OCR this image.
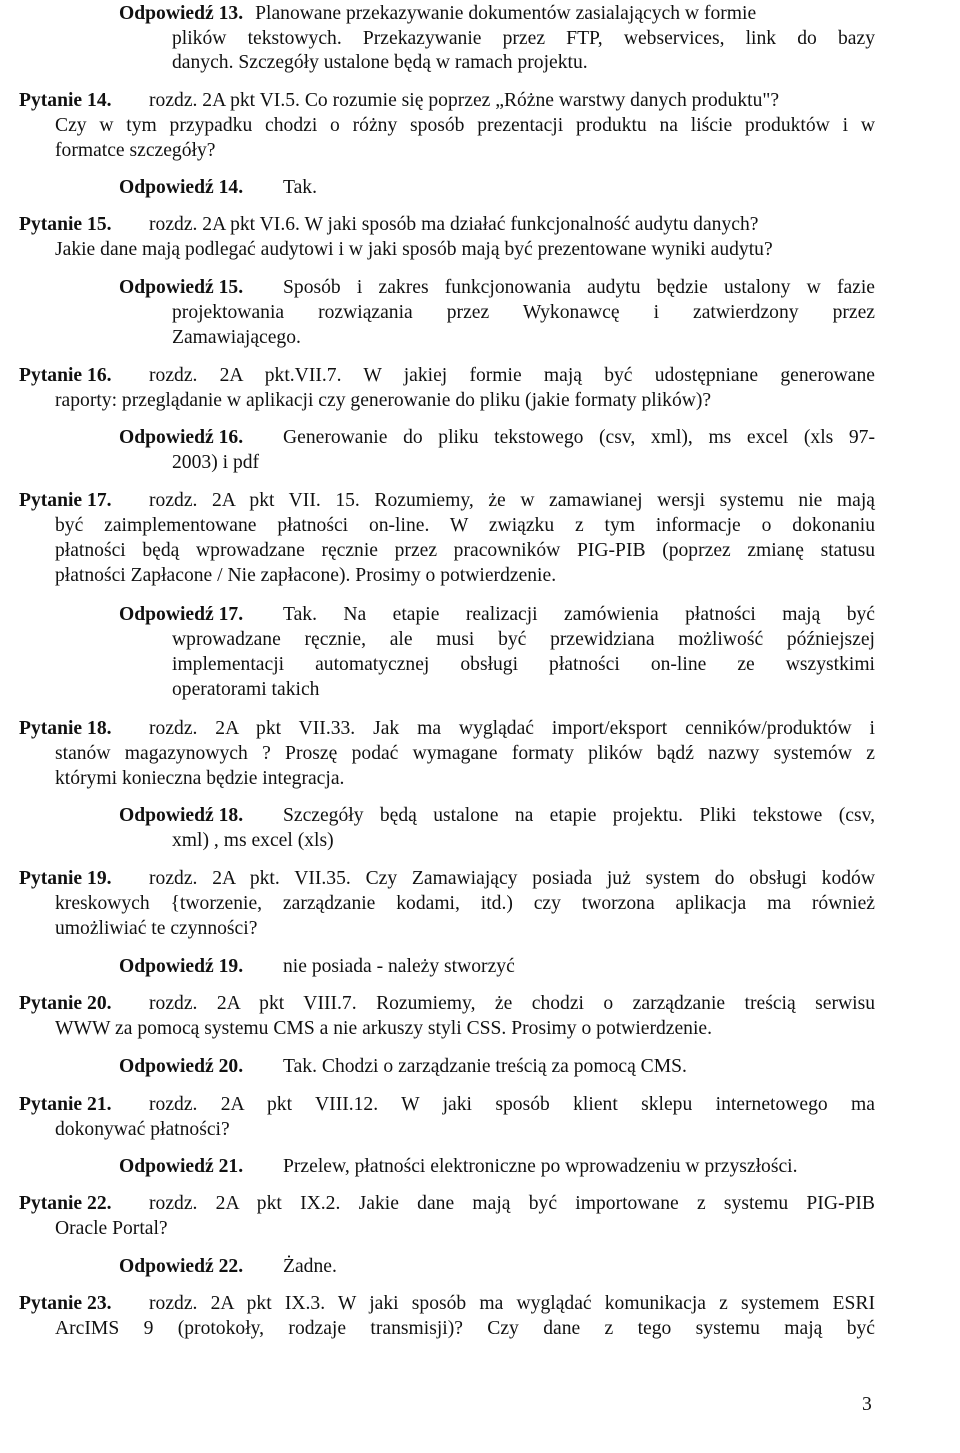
Odpowiedź 13. Planowane przekazywanie dokumentów zasialających w formie
plików tekstowych. Przekazywanie przez FTP, webservices, link do bazy
danych. Szczegóły ustalone będą w ramach projektu.
Pytanie 14. rozdz. 2A pkt VI.5. Co rozumie się poprzez „Różne warstwy danych produktu"?
Czy w tym przypadku chodzi o różny sposób prezentacji produktu na liście produktów i w
formatce szczegóły?
Odpowiedź 14. Tak.
Pytanie 15. rozdz. 2A pkt VI.6. W jaki sposób ma działać funkcjonalność audytu danych?
Jakie dane mają podlegać audytowi i w jaki sposób mają być prezentowane wyniki audytu?
Odpowiedź 15. Sposób i zakres funkcjonowania audytu będzie ustalony w fazie
projektowania rozwiązania przez Wykonawcę i zatwierdzony przez
Zamawiającego.
Pytanie 16. rozdz. 2A pkt.VII.7. W jakiej formie mają być udostępniane generowane
raporty: przeglądanie w aplikacji czy generowanie do pliku (jakie formaty plików)?
Odpowiedź 16. Generowanie do pliku tekstowego (csv, xml), ms excel (xls 97-
2003) i pdf
Pytanie 17. rozdz. 2A pkt VII. 15. Rozumiemy, że w zamawianej wersji systemu nie mają
być zaimplementowane płatności on-line. W związku z tym informacje o dokonaniu
płatności będą wprowadzane ręcznie przez pracowników PIG-PIB (poprzez zmianę statusu
płatności Zapłacone / Nie zapłacone). Prosimy o potwierdzenie.
Odpowiedź 17. Tak. Na etapie realizacji zamówienia płatności mają być
wprowadzane ręcznie, ale musi być przewidziana możliwość późniejszej
implementacji automatycznej obsługi płatności on-line ze wszystkimi
operatorami takich
Pytanie 18. rozdz. 2A pkt VII.33. Jak ma wyglądać import/eksport cenników/produktów i
stanów magazynowych ? Proszę podać wymagane formaty plików bądź nazwy systemów z
którymi konieczna będzie integracja.
Odpowiedź 18. Szczegóły będą ustalone na etapie projektu. Pliki tekstowe (csv,
xml) , ms excel (xls)
Pytanie 19. rozdz. 2A pkt. VII.35. Czy Zamawiający posiada już system do obsługi kodów
kreskowych {tworzenie, zarządzanie kodami, itd.) czy tworzona aplikacja ma również
umożliwiać te czynności?
Odpowiedź 19. nie posiada - należy stworzyć
Pytanie 20. rozdz. 2A pkt VIII.7. Rozumiemy, że chodzi o zarządzanie treścią serwisu
WWW za pomocą systemu CMS a nie arkuszy styli CSS. Prosimy o potwierdzenie.
Odpowiedź 20. Tak. Chodzi o zarządzanie treścią za pomocą CMS.
Pytanie 21. rozdz. 2A pkt VIII.12. W jaki sposób klient sklepu internetowego ma
dokonywać płatności?
Odpowiedź 21. Przelew, płatności elektroniczne po wprowadzeniu w przyszłości.
Pytanie 22. rozdz. 2A pkt IX.2. Jakie dane mają być importowane z systemu PIG-PIB
Oracle Portal?
Odpowiedź 22. Żadne.
Pytanie 23. rozdz. 2A pkt IX.3. W jaki sposób ma wyglądać komunikacja z systemem ESRI
ArcIMS 9 (protokoły, rodzaje transmisji)? Czy dane z tego systemu mają być
3
